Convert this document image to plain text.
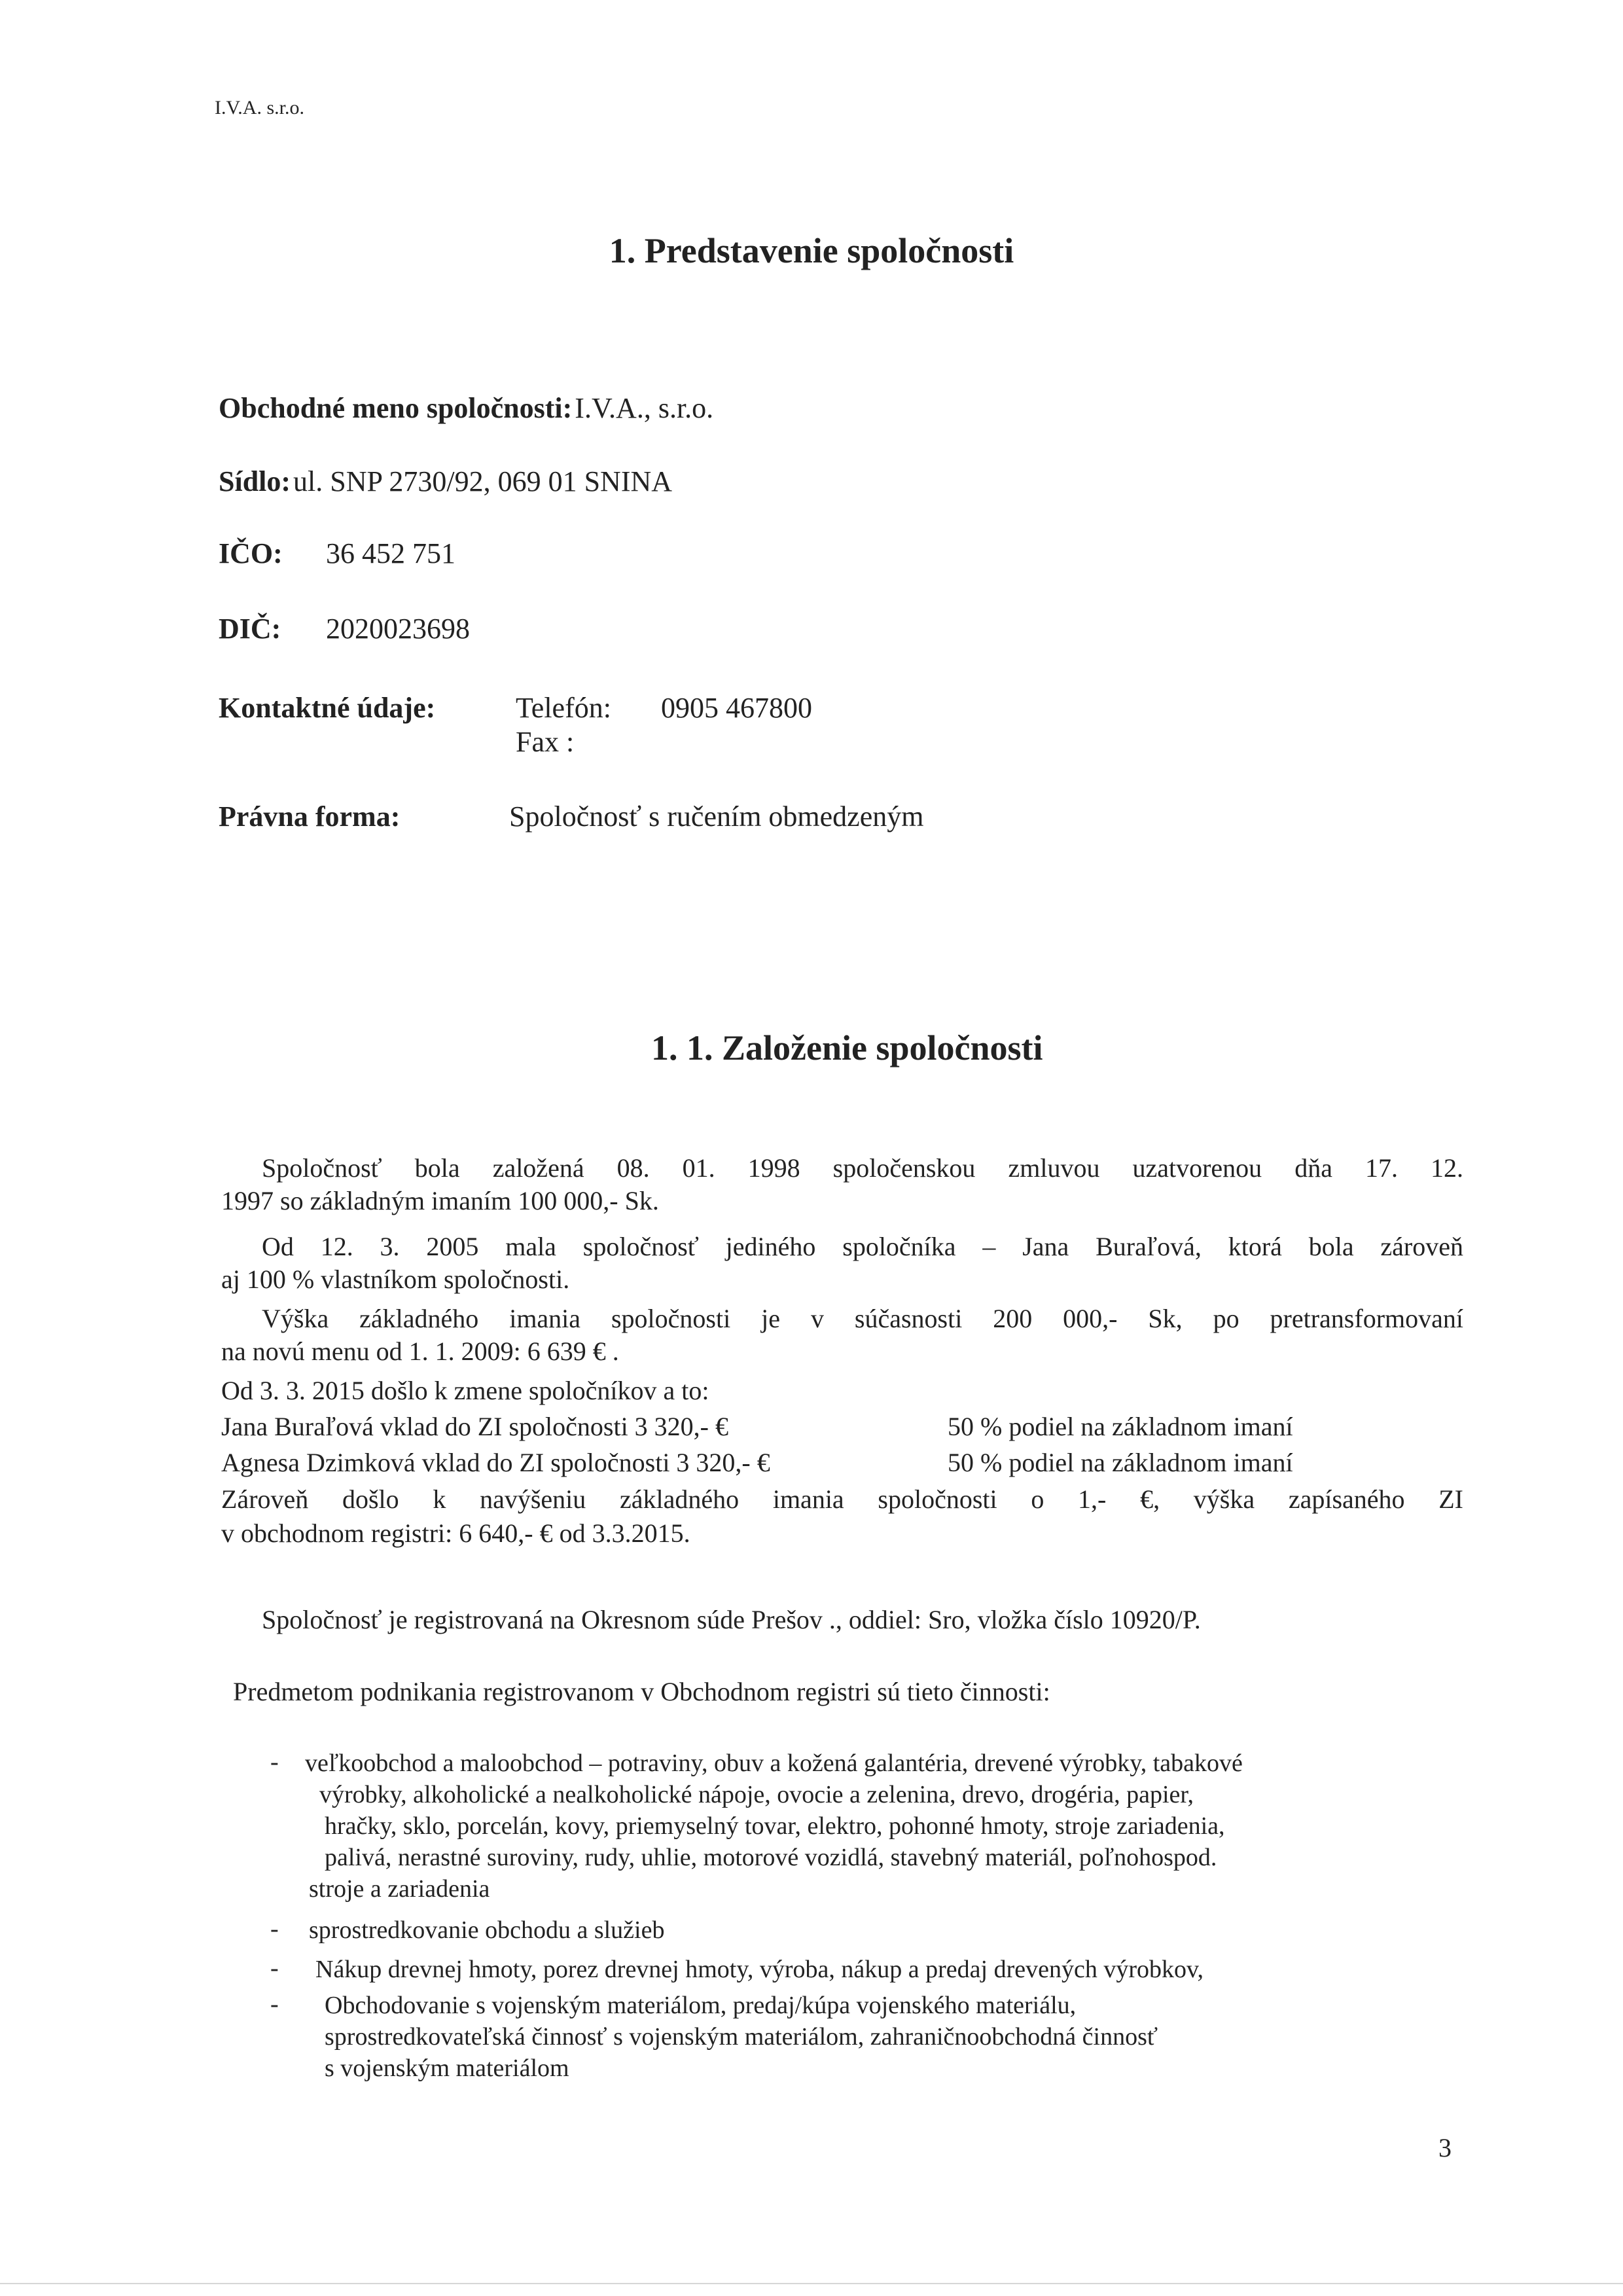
I.V.A. s.r.o.
1. Predstavenie spoločnosti
Obchodné meno spoločnosti: I.V.A., s.r.o.
Sídlo: ul. SNP 2730/92, 069 01 SNINA
IČO: 36 452 751
DIČ: 2020023698
Kontaktné údaje:	Telefón: 0905 467800
Fax :
Právna forma:	Spoločnosť s ručením obmedzeným
1. 1. Založenie spoločnosti
Spoločnosť bola založená 08. 01. 1998 spoločenskou zmluvou uzatvorenou dňa 17. 12.
1997 so základným imaním 100 000,- Sk.
Od 12. 3. 2005 mala spoločnosť jediného spoločníka – Jana Buraľová, ktorá bola zároveň
aj 100 % vlastníkom spoločnosti.
Výška základného imania spoločnosti je v súčasnosti 200 000,- Sk, po pretransformovaní
na novú menu od 1. 1. 2009: 6 639 € .
Od 3. 3. 2015 došlo k zmene spoločníkov a to:
Jana Buraľová vklad do ZI spoločnosti 3 320,- €	50 % podiel na základnom imaní
Agnesa Dzimková vklad do ZI spoločnosti 3 320,- €	50 % podiel na základnom imaní
Zároveň došlo k navýšeniu základného imania spoločnosti o 1,- €, výška zapísaného ZI
v obchodnom registri: 6 640,- € od 3.3.2015.
Spoločnosť je registrovaná na Okresnom súde Prešov ., oddiel: Sro, vložka číslo 10920/P.
Predmetom podnikania registrovanom v Obchodnom registri sú tieto činnosti:
- veľkoobchod a maloobchod – potraviny, obuv a kožená galantéria, drevené výrobky, tabakové
výrobky, alkoholické a nealkoholické nápoje, ovocie a zelenina, drevo, drogéria, papier,
hračky, sklo, porcelán, kovy, priemyselný tovar, elektro, pohonné hmoty, stroje zariadenia,
palivá, nerastné suroviny, rudy, uhlie, motorové vozidlá, stavebný materiál, poľnohospod.
stroje a zariadenia
- sprostredkovanie obchodu a služieb
- Nákup drevnej hmoty, porez drevnej hmoty, výroba, nákup a predaj drevených výrobkov,
- Obchodovanie s vojenským materiálom, predaj/kúpa vojenského materiálu,
sprostredkovateľská činnosť s vojenským materiálom, zahraničnoobchodná činnosť
s vojenským materiálom
3
